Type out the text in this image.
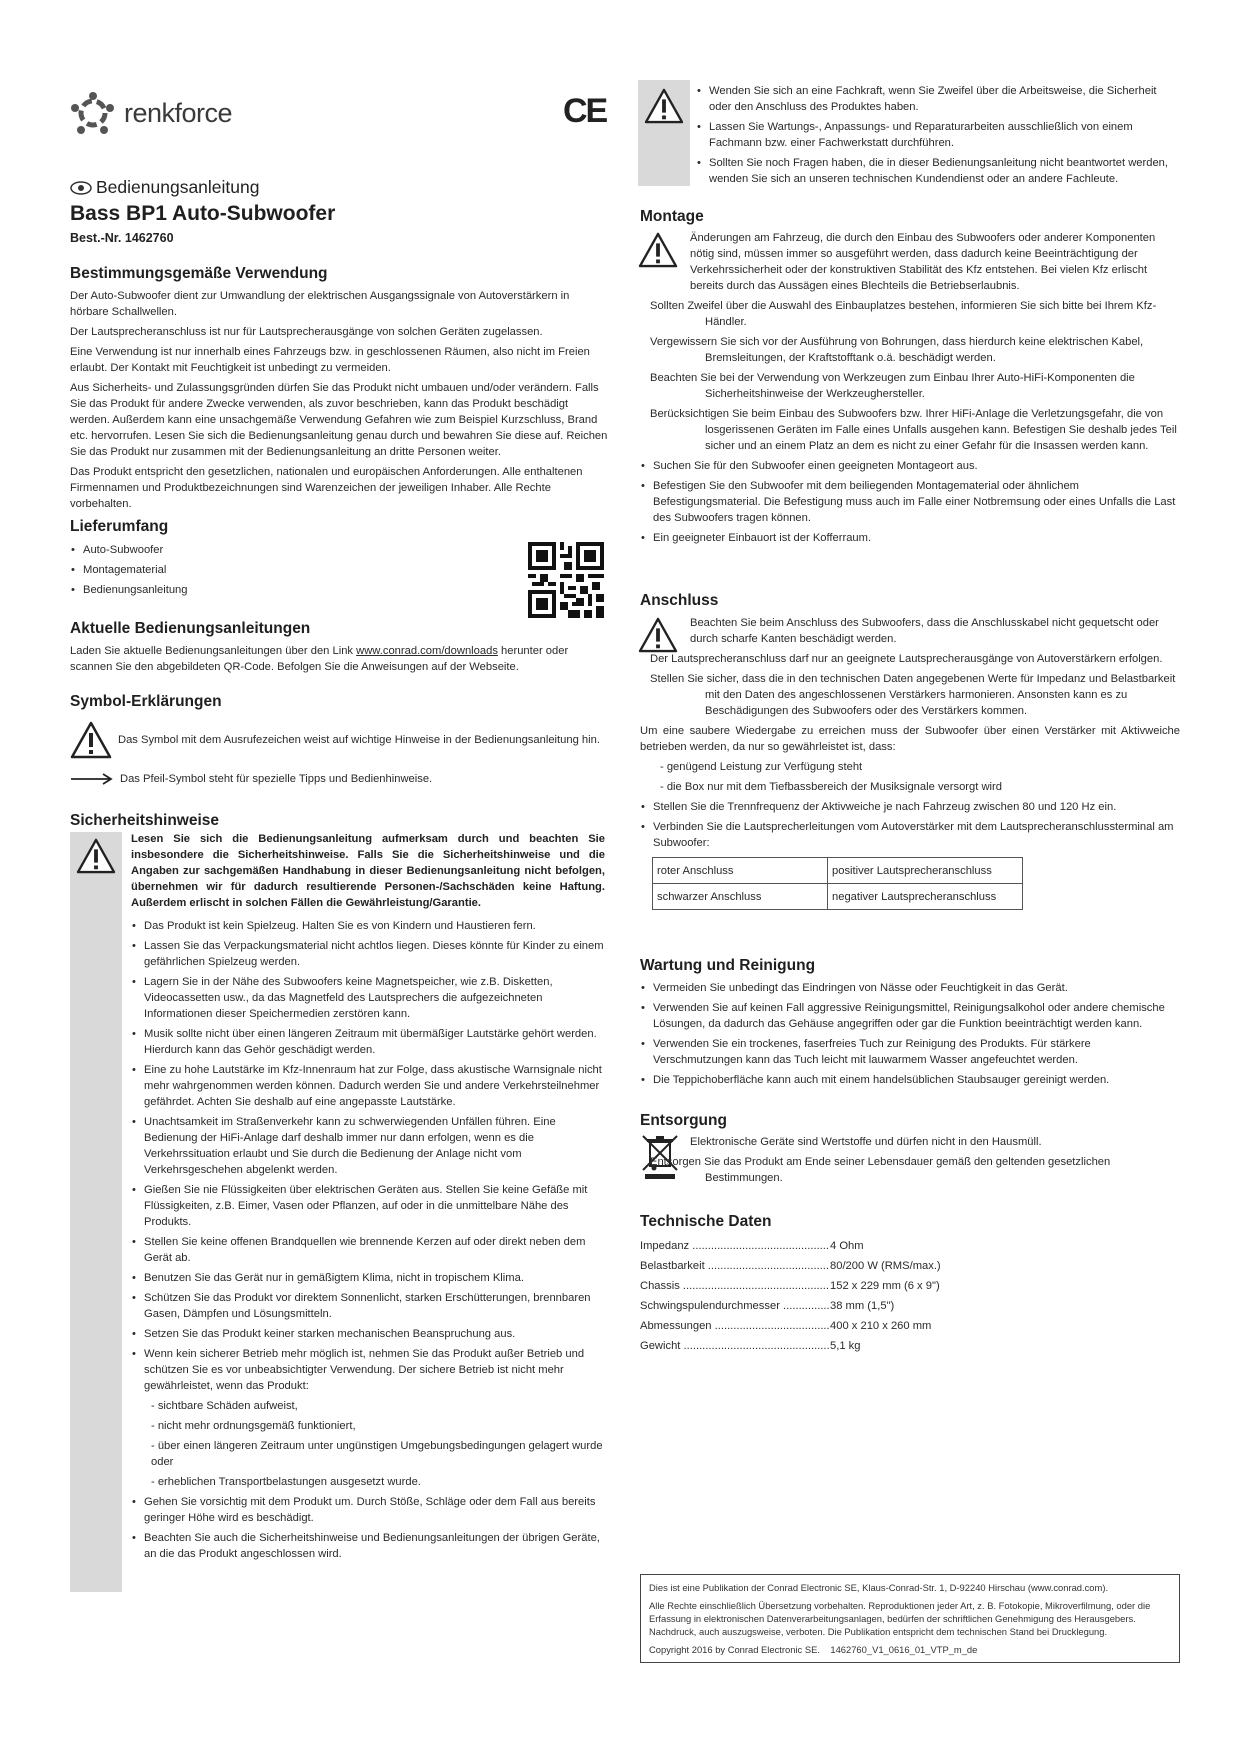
renkforce	CE
Bedienungsanleitung
Bass BP1 Auto-Subwoofer
Best.-Nr. 1462760
Bestimmungsgemäße Verwendung

Der Auto-Subwoofer dient zur Umwandlung der elektrischen Ausgangssignale von Autoverstärkern in hörbare Schallwellen.

Der Lautsprecheranschluss ist nur für Lautsprecherausgänge von solchen Geräten zugelassen.

Eine Verwendung ist nur innerhalb eines Fahrzeugs bzw. in geschlossenen Räumen, also nicht im Freien erlaubt. Der Kontakt mit Feuchtigkeit ist unbedingt zu vermeiden.

Aus Sicherheits- und Zulassungsgründen dürfen Sie das Produkt nicht umbauen und/oder verändern. Falls Sie das Produkt für andere Zwecke verwenden, als zuvor beschrieben, kann das Produkt beschädigt werden. Außerdem kann eine unsachgemäße Verwendung Gefahren wie zum Beispiel Kurzschluss, Brand etc. hervorrufen. Lesen Sie sich die Bedienungsanleitung genau durch und bewahren Sie diese auf. Reichen Sie das Produkt nur zusammen mit der Bedienungsanleitung an dritte Personen weiter.

Das Produkt entspricht den gesetzlichen, nationalen und europäischen Anforderungen. Alle enthaltenen Firmennamen und Produktbezeichnungen sind Warenzeichen der jeweiligen Inhaber. Alle Rechte vorbehalten.

Lieferumfang
• Auto-Subwoofer
• Montagematerial
• Bedienungsanleitung
Aktuelle Bedienungsanleitungen

Laden Sie aktuelle Bedienungsanleitungen über den Link www.conrad.com/downloads herunter oder scannen Sie den abgebildeten QR-Code. Befolgen Sie die Anweisungen auf der Webseite.

Symbol-Erklärungen
Das Symbol mit dem Ausrufezeichen weist auf wichtige Hinweise in der Bedienungsanleitung hin.
Das Pfeil-Symbol steht für spezielle Tipps und Bedienhinweise.
Sicherheitshinweise

Lesen Sie sich die Bedienungsanleitung aufmerksam durch und beachten Sie insbesondere die Sicherheitshinweise. Falls Sie die Sicherheitshinweise und die Angaben zur sachgemäßen Handhabung in dieser Bedienungsanleitung nicht befolgen, übernehmen wir für dadurch resultierende Personen-/Sachschäden keine Haftung. Außerdem erlischt in solchen Fällen die Gewährleistung/Garantie.

• Das Produkt ist kein Spielzeug. Halten Sie es von Kindern und Haustieren fern.
• Lassen Sie das Verpackungsmaterial nicht achtlos liegen. Dieses könnte für Kinder zu einem gefährlichen Spielzeug werden.
• Lagern Sie in der Nähe des Subwoofers keine Magnetspeicher, wie z.B. Disketten, Videocassetten usw., da das Magnetfeld des Lautsprechers die aufgezeichneten Informationen dieser Speichermedien zerstören kann.
• Musik sollte nicht über einen längeren Zeitraum mit übermäßiger Lautstärke gehört werden. Hierdurch kann das Gehör geschädigt werden.
• Eine zu hohe Lautstärke im Kfz-Innenraum hat zur Folge, dass akustische Warnsignale nicht mehr wahrgenommen werden können. Dadurch werden Sie und andere Verkehrsteilnehmer gefährdet. Achten Sie deshalb auf eine angepasste Lautstärke.
• Unachtsamkeit im Straßenverkehr kann zu schwerwiegenden Unfällen führen. Eine Bedienung der HiFi-Anlage darf deshalb immer nur dann erfolgen, wenn es die Verkehrssituation erlaubt und Sie durch die Bedienung der Anlage nicht vom Verkehrsgeschehen abgelenkt werden.
• Gießen Sie nie Flüssigkeiten über elektrischen Geräten aus. Stellen Sie keine Gefäße mit Flüssigkeiten, z.B. Eimer, Vasen oder Pflanzen, auf oder in die unmittelbare Nähe des Produkts.
• Stellen Sie keine offenen Brandquellen wie brennende Kerzen auf oder direkt neben dem Gerät ab.
• Benutzen Sie das Gerät nur in gemäßigtem Klima, nicht in tropischem Klima.
• Schützen Sie das Produkt vor direktem Sonnenlicht, starken Erschütterungen, brennbaren Gasen, Dämpfen und Lösungsmitteln.
• Setzen Sie das Produkt keiner starken mechanischen Beanspruchung aus.
• Wenn kein sicherer Betrieb mehr möglich ist, nehmen Sie das Produkt außer Betrieb und schützen Sie es vor unbeabsichtigter Verwendung. Der sichere Betrieb ist nicht mehr gewährleistet, wenn das Produkt:

- sichtbare Schäden aufweist,

- nicht mehr ordnungsgemäß funktioniert,

- über einen längeren Zeitraum unter ungünstigen Umgebungsbedingungen gelagert wurde oder

- erheblichen Transportbelastungen ausgesetzt wurde.

• Gehen Sie vorsichtig mit dem Produkt um. Durch Stöße, Schläge oder dem Fall aus bereits geringer Höhe wird es beschädigt.
• Beachten Sie auch die Sicherheitshinweise und Bedienungsanleitungen der übrigen Geräte, an die das Produkt angeschlossen wird.
• Wenden Sie sich an eine Fachkraft, wenn Sie Zweifel über die Arbeitsweise, die Sicherheit oder den Anschluss des Produktes haben.
• Lassen Sie Wartungs-, Anpassungs- und Reparaturarbeiten ausschließlich von einem Fachmann bzw. einer Fachwerkstatt durchführen.
• Sollten Sie noch Fragen haben, die in dieser Bedienungsanleitung nicht beantwortet werden, wenden Sie sich an unseren technischen Kundendienst oder an andere Fachleute.
Montage

Änderungen am Fahrzeug, die durch den Einbau des Subwoofers oder anderer Komponenten nötig sind, müssen immer so ausgeführt werden, dass dadurch keine Beeinträchtigung der Verkehrssicherheit oder der konstruktiven Stabilität des Kfz entstehen. Bei vielen Kfz erlischt bereits durch das Aussägen eines Blechteils die Betriebserlaubnis.

Sollten Zweifel über die Auswahl des Einbauplatzes bestehen, informieren Sie sich bitte bei Ihrem Kfz-Händler.

Vergewissern Sie sich vor der Ausführung von Bohrungen, dass hierdurch keine elektrischen Kabel, Bremsleitungen, der Kraftstofftank o.ä. beschädigt werden.

Beachten Sie bei der Verwendung von Werkzeugen zum Einbau Ihrer Auto-HiFi-Komponenten die Sicherheitshinweise der Werkzeughersteller.

Berücksichtigen Sie beim Einbau des Subwoofers bzw. Ihrer HiFi-Anlage die Verletzungsgefahr, die von losgerissenen Geräten im Falle eines Unfalls ausgehen kann. Befestigen Sie deshalb jedes Teil sicher und an einem Platz an dem es nicht zu einer Gefahr für die Insassen werden kann.

• Suchen Sie für den Subwoofer einen geeigneten Montageort aus.
• Befestigen Sie den Subwoofer mit dem beiliegenden Montagematerial oder ähnlichem Befestigungsmaterial. Die Befestigung muss auch im Falle einer Notbremsung oder eines Unfalls die Last des Subwoofers tragen können.
• Ein geeigneter Einbauort ist der Kofferraum.
Anschluss

Beachten Sie beim Anschluss des Subwoofers, dass die Anschlusskabel nicht gequetscht oder durch scharfe Kanten beschädigt werden.

Der Lautsprecheranschluss darf nur an geeignete Lautsprecherausgänge von Autoverstärkern erfolgen.

Stellen Sie sicher, dass die in den technischen Daten angegebenen Werte für Impedanz und Belastbarkeit mit den Daten des angeschlossenen Verstärkers harmonieren. Ansonsten kann es zu Beschädigungen des Subwoofers oder des Verstärkers kommen.

Um eine saubere Wiedergabe zu erreichen muss der Subwoofer über einen Verstärker mit Aktivweiche betrieben werden, da nur so gewährleistet ist, dass:

- genügend Leistung zur Verfügung steht

- die Box nur mit dem Tiefbassbereich der Musiksignale versorgt wird

• Stellen Sie die Trennfrequenz der Aktivweiche je nach Fahrzeug zwischen 80 und 120 Hz ein.
• Verbinden Sie die Lautsprecherleitungen vom Autoverstärker mit dem Lautsprecheranschlussterminal am Subwoofer:
roter Anschluss	positiver Lautsprecheranschluss
schwarzer Anschluss	negativer Lautsprecheranschluss
Wartung und Reinigung
• Vermeiden Sie unbedingt das Eindringen von Nässe oder Feuchtigkeit in das Gerät.
• Verwenden Sie auf keinen Fall aggressive Reinigungsmittel, Reinigungsalkohol oder andere chemische Lösungen, da dadurch das Gehäuse angegriffen oder gar die Funktion beeinträchtigt werden kann.
• Verwenden Sie ein trockenes, faserfreies Tuch zur Reinigung des Produkts. Für stärkere Verschmutzungen kann das Tuch leicht mit lauwarmem Wasser angefeuchtet werden.
• Die Teppichoberfläche kann auch mit einem handelsüblichen Staubsauger gereinigt werden.
Entsorgung

Elektronische Geräte sind Wertstoffe und dürfen nicht in den Hausmüll.

Entsorgen Sie das Produkt am Ende seiner Lebensdauer gemäß den geltenden gesetzlichen Bestimmungen.

Technische Daten
Impedanz .....	4 Ohm
Belastbarkeit .....	80/200 W (RMS/max.)
Chassis .....	152 x 229 mm (6 x 9")
Schwingspulendurchmesser .....	38 mm (1,5")
Abmessungen .....	400 x 210 x 260 mm
Gewicht .....	5,1 kg

Dies ist eine Publikation der Conrad Electronic SE, Klaus-Conrad-Str. 1, D-92240 Hirschau (www.conrad.com).

Alle Rechte einschließlich Übersetzung vorbehalten. Reproduktionen jeder Art, z. B. Fotokopie, Mikroverfilmung, oder die Erfassung in elektronischen Datenverarbeitungsanlagen, bedürfen der schriftlichen Genehmigung des Herausgebers. Nachdruck, auch auszugsweise, verboten. Die Publikation entspricht dem technischen Stand bei Drucklegung.

Copyright 2016 by Conrad Electronic SE. 1462760_V1_0616_01_VTP_m_de
